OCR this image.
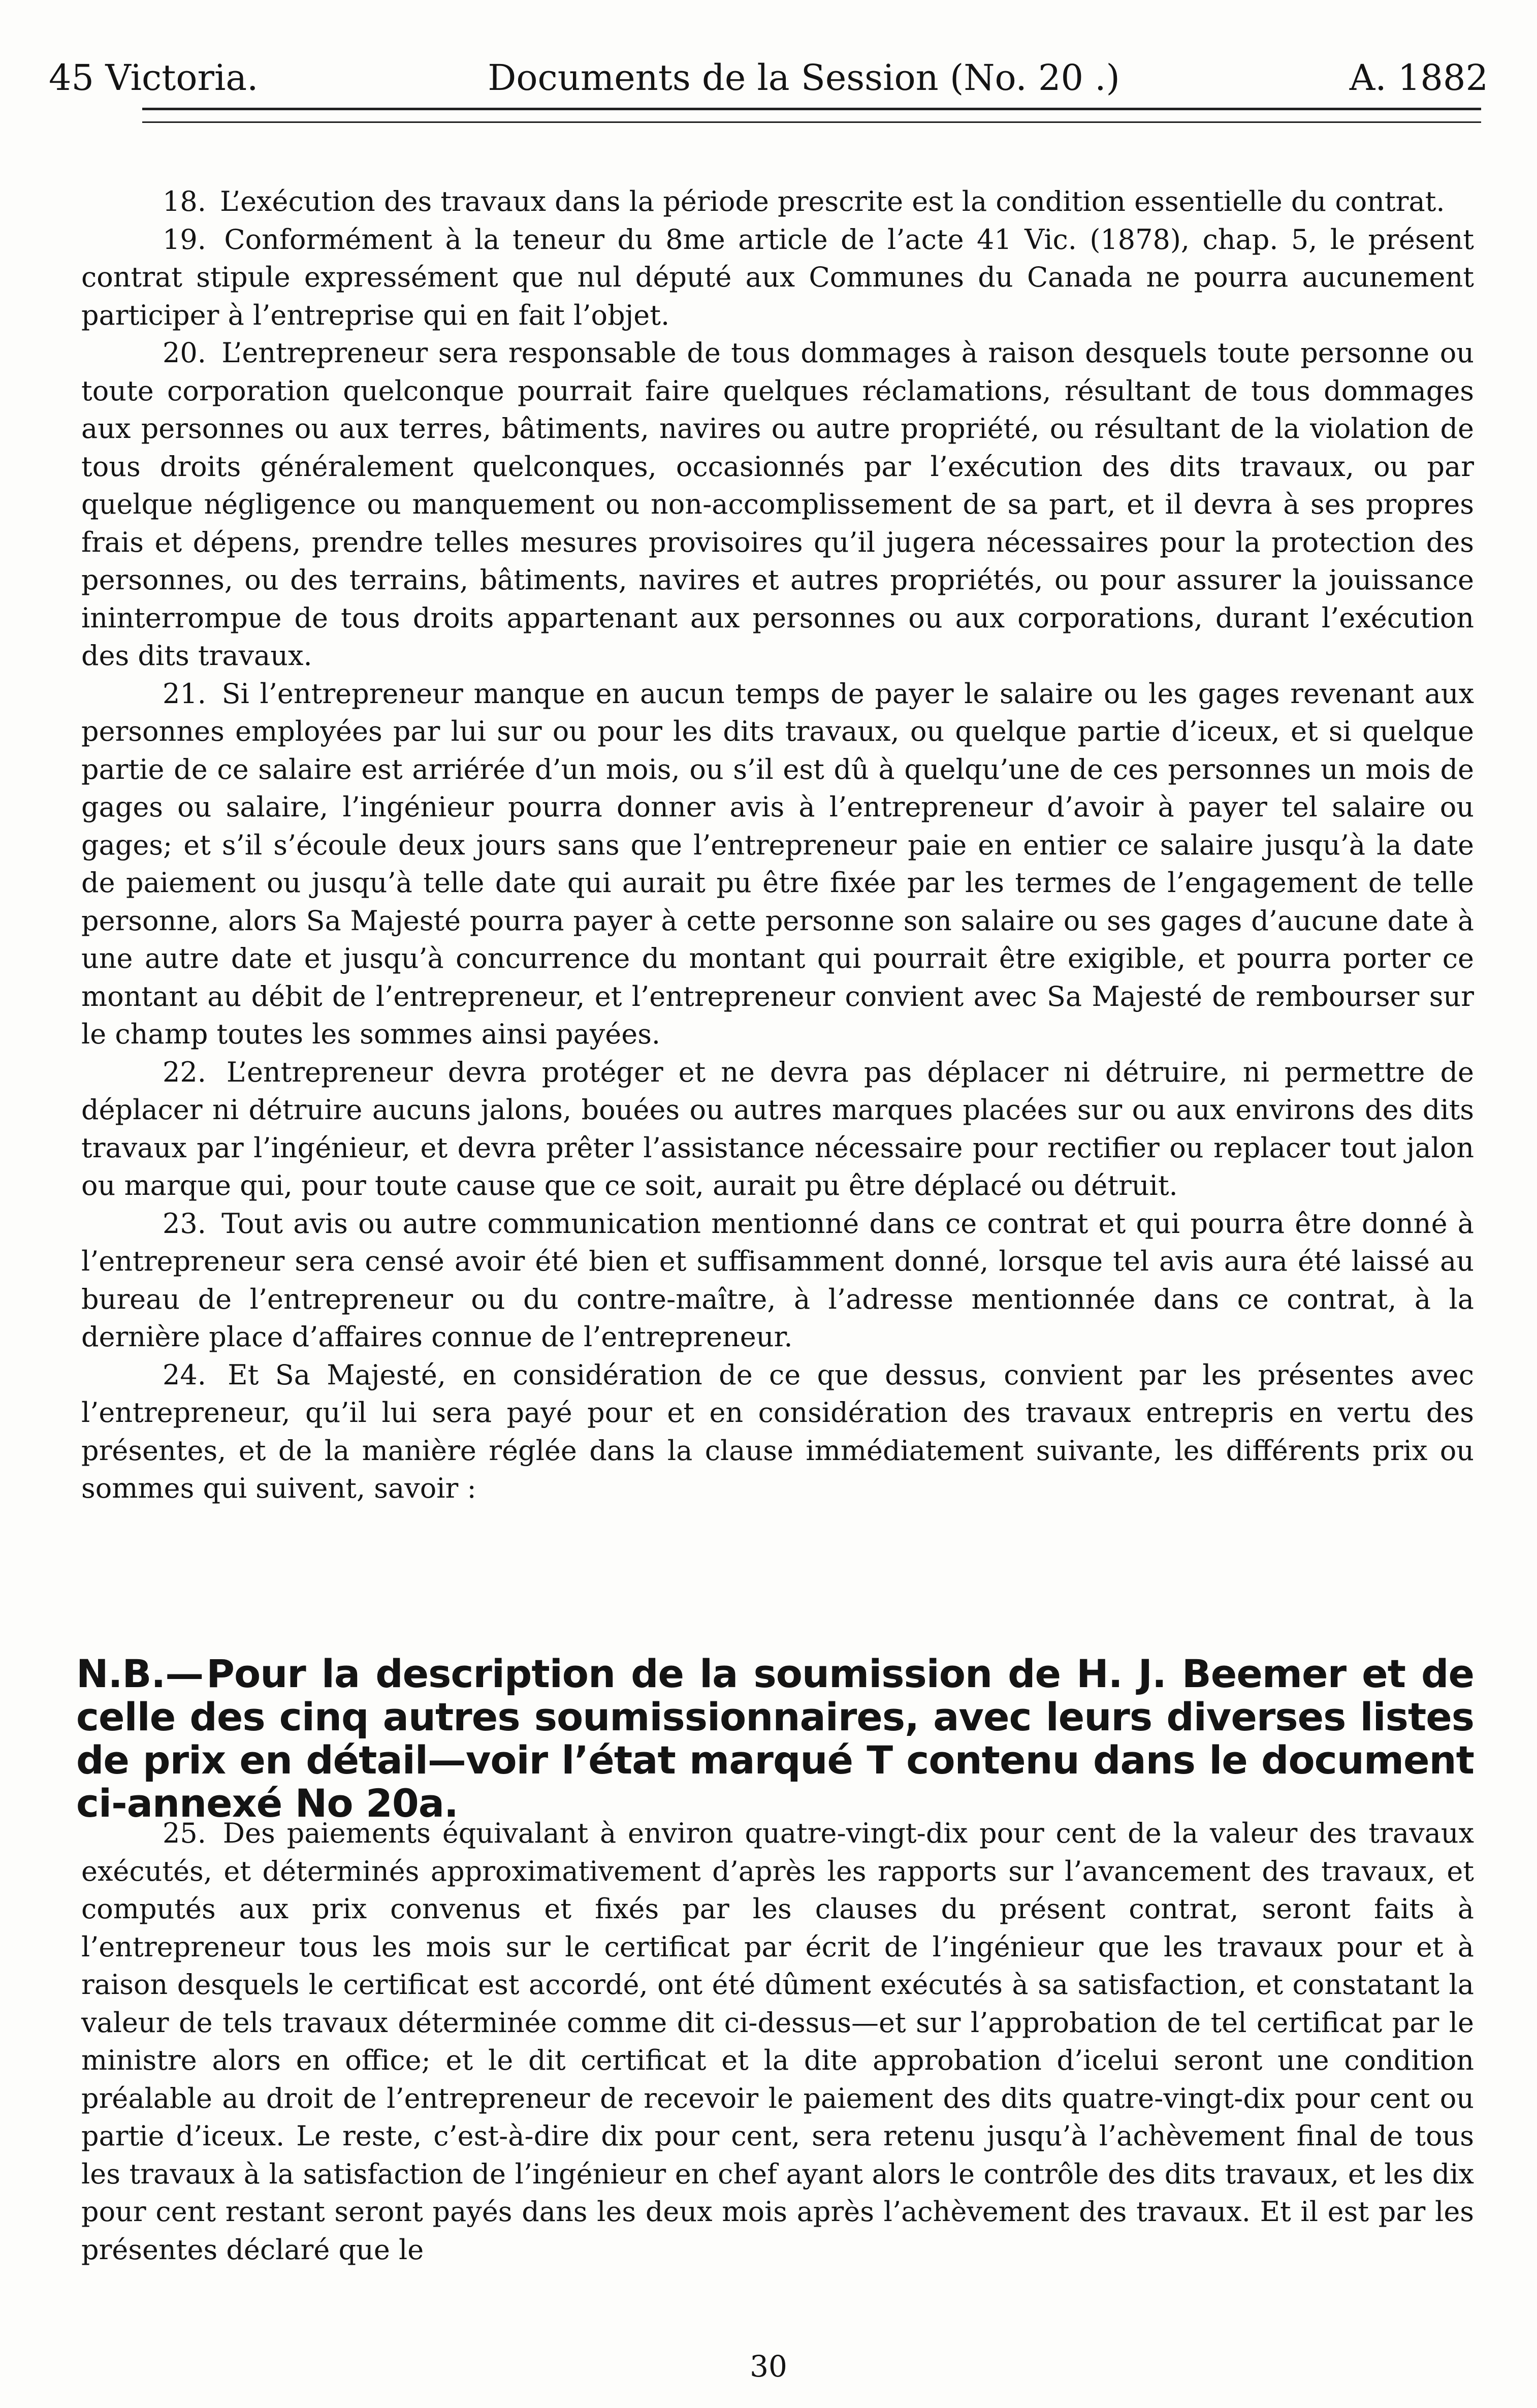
45 Victoria.	Documents de la Session (No. 20 .)	A. 1882

18. L’exécution des travaux dans la période prescrite est la condition essentielle du contrat.

19. Conformément à la teneur du 8me article de l’acte 41 Vic. (1878), chap. 5, le présent contrat stipule expressément que nul député aux Communes du Canada ne pourra aucunement participer à l’entreprise qui en fait l’objet.

20. L’entrepreneur sera responsable de tous dommages à raison desquels toute personne ou toute corporation quelconque pourrait faire quelques réclamations, résultant de tous dommages aux personnes ou aux terres, bâtiments, navires ou autre propriété, ou résultant de la violation de tous droits généralement quelconques, occasionnés par l’exécution des dits travaux, ou par quelque négligence ou manquement ou non-accomplissement de sa part, et il devra à ses propres frais et dépens, prendre telles mesures provisoires qu’il jugera nécessaires pour la protection des personnes, ou des terrains, bâtiments, navires et autres propriétés, ou pour assurer la jouissance ininterrompue de tous droits appartenant aux personnes ou aux corporations, durant l’exécution des dits travaux.

21. Si l’entrepreneur manque en aucun temps de payer le salaire ou les gages revenant aux personnes employées par lui sur ou pour les dits travaux, ou quelque partie d’iceux, et si quelque partie de ce salaire est arriérée d’un mois, ou s’il est dû à quelqu’une de ces personnes un mois de gages ou salaire, l’ingénieur pourra donner avis à l’entrepreneur d’avoir à payer tel salaire ou gages; et s’il s’écoule deux jours sans que l’entrepreneur paie en entier ce salaire jusqu’à la date de paiement ou jusqu’à telle date qui aurait pu être fixée par les termes de l’engagement de telle personne, alors Sa Majesté pourra payer à cette personne son salaire ou ses gages d’aucune date à une autre date et jusqu’à concurrence du montant qui pourrait être exigible, et pourra porter ce montant au débit de l’entrepreneur, et l’entrepreneur convient avec Sa Majesté de rembourser sur le champ toutes les sommes ainsi payées.

22. L’entrepreneur devra protéger et ne devra pas déplacer ni détruire, ni permettre de déplacer ni détruire aucuns jalons, bouées ou autres marques placées sur ou aux environs des dits travaux par l’ingénieur, et devra prêter l’assistance nécessaire pour rectifier ou replacer tout jalon ou marque qui, pour toute cause que ce soit, aurait pu être déplacé ou détruit.

23. Tout avis ou autre communication mentionné dans ce contrat et qui pourra être donné à l’entrepreneur sera censé avoir été bien et suffisamment donné, lorsque tel avis aura été laissé au bureau de l’entrepreneur ou du contre-maître, à l’adresse mentionnée dans ce contrat, à la dernière place d’affaires connue de l’entrepreneur.

24. Et Sa Majesté, en considération de ce que dessus, convient par les présentes avec l’entrepreneur, qu’il lui sera payé pour et en considération des travaux entrepris en vertu des présentes, et de la manière réglée dans la clause immédiatement suivante, les différents prix ou sommes qui suivent, savoir :

N.B.—Pour la description de la soumission de H. J. Beemer et de celle des cinq autres soumissionnaires, avec leurs diverses listes de prix en détail—voir l’état marqué T contenu dans le document ci-annexé No 20a.

25. Des paiements équivalant à environ quatre-vingt-dix pour cent de la valeur des travaux exécutés, et déterminés approximativement d’après les rapports sur l’avancement des travaux, et computés aux prix convenus et fixés par les clauses du présent contrat, seront faits à l’entrepreneur tous les mois sur le certificat par écrit de l’ingénieur que les travaux pour et à raison desquels le certificat est accordé, ont été dûment exécutés à sa satisfaction, et constatant la valeur de tels travaux déterminée comme dit ci-dessus—et sur l’approbation de tel certificat par le ministre alors en office; et le dit certificat et la dite approbation d’icelui seront une condition préalable au droit de l’entrepreneur de recevoir le paiement des dits quatre-vingt-dix pour cent ou partie d’iceux. Le reste, c’est-à-dire dix pour cent, sera retenu jusqu’à l’achèvement final de tous les travaux à la satisfaction de l’ingénieur en chef ayant alors le contrôle des dits travaux, et les dix pour cent restant seront payés dans les deux mois après l’achèvement des travaux. Et il est par les présentes déclaré que le

30
